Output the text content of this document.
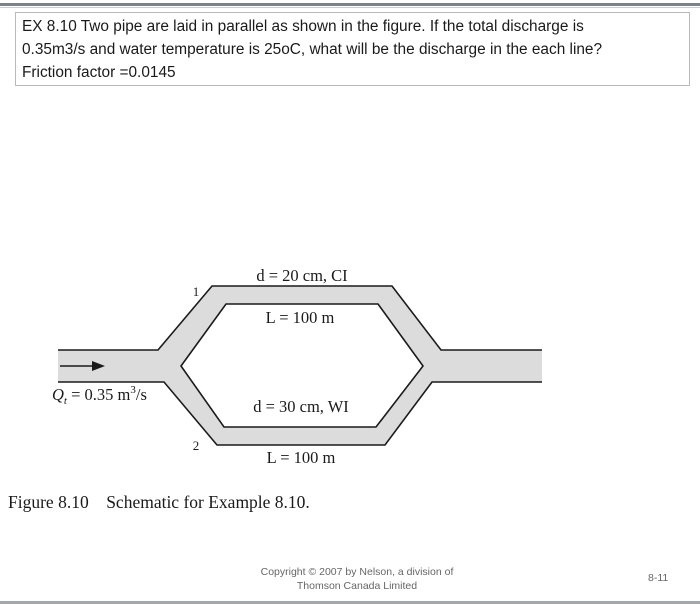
EX 8.10 Two pipe are laid in parallel as shown in the figure. If the total discharge is
0.35m3/s and water temperature is 25oC, what will be the discharge in the each line?
Friction factor =0.0145
d = 20 cm, CI
1
L = 100 m
d = 30 cm, WI
2
L = 100 m
$Q_t = 0.35$ $m^3/s$
Figure 8.10    Schematic for Example 8.10.
Copyright © 2007 by Nelson, a division of
Thomson Canada Limited
8-11
